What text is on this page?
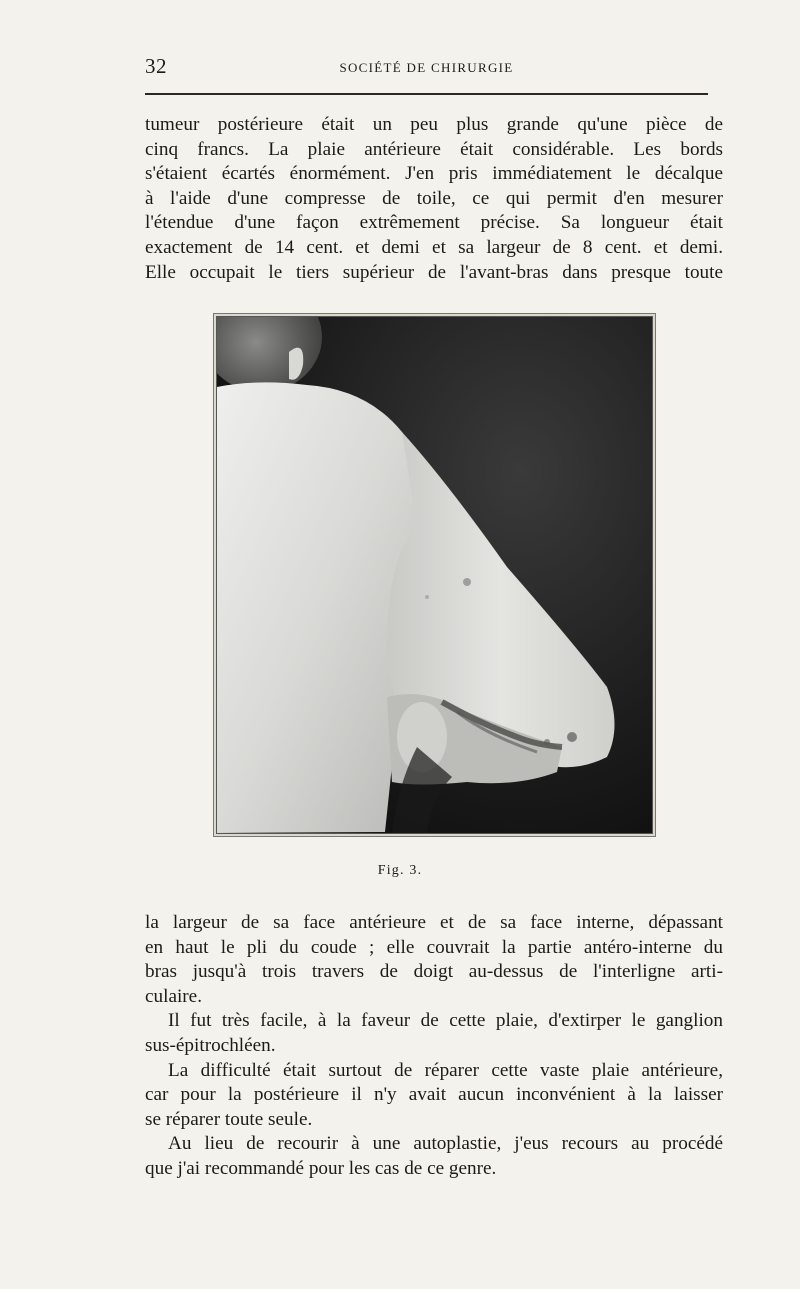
32	SOCIÉTÉ DE CHIRURGIE
tumeur postérieure était un peu plus grande qu'une pièce de
cinq francs. La plaie antérieure était considérable. Les bords
s'étaient écartés énormément. J'en pris immédiatement le décalque
à l'aide d'une compresse de toile, ce qui permit d'en mesurer
l'étendue d'une façon extrêmement précise. Sa longueur était
exactement de 14 cent. et demi et sa largeur de 8 cent. et demi.
Elle occupait le tiers supérieur de l'avant-bras dans presque toute
Fig. 3.
la largeur de sa face antérieure et de sa face interne, dépassant
en haut le pli du coude ; elle couvrait la partie antéro-interne du
bras jusqu'à trois travers de doigt au-dessus de l'interligne arti-
culaire.
Il fut très facile, à la faveur de cette plaie, d'extirper le ganglion
sus-épitrochléen.
La difficulté était surtout de réparer cette vaste plaie antérieure,
car pour la postérieure il n'y avait aucun inconvénient à la laisser
se réparer toute seule.
Au lieu de recourir à une autoplastie, j'eus recours au procédé
que j'ai recommandé pour les cas de ce genre.
